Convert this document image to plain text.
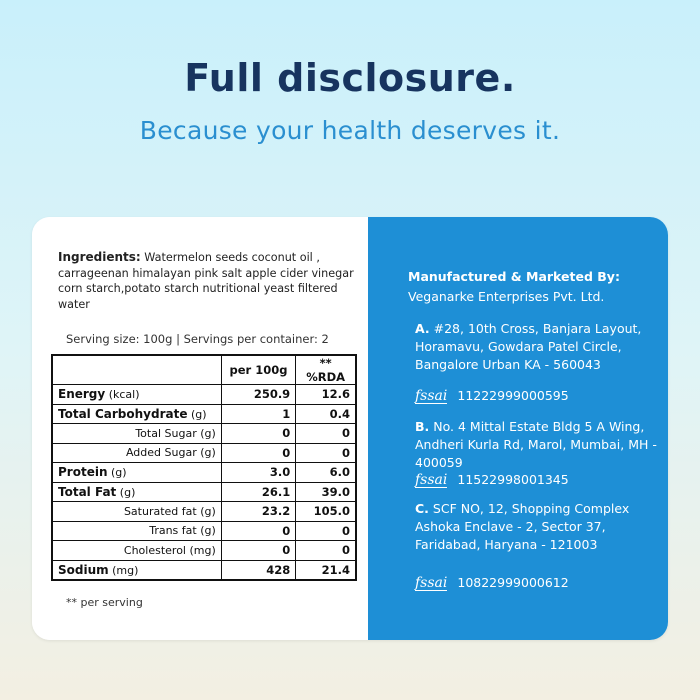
Full disclosure.
Because your health deserves it.
Ingredients: Watermelon seeds coconut oil , carrageenan himalayan pink salt apple cider vinegar corn starch,potato starch nutritional yeast filtered water
Serving size: 100g | Servings per container: 2
	per 100g	** %RDA
Energy (kcal)	250.9	12.6
Total Carbohydrate (g)	1	0.4
Total Sugar (g)	0	0
Added Sugar (g)	0	0
Protein (g)	3.0	6.0
Total Fat (g)	26.1	39.0
Saturated fat (g)	23.2	105.0
Trans fat (g)	0	0
Cholesterol (mg)	0	0
Sodium (mg)	428	21.4
** per serving
Manufactured & Marketed By:
Veganarke Enterprises Pvt. Ltd.
A. #28, 10th Cross, Banjara Layout, Horamavu, Gowdara Patel Circle, Bangalore Urban KA - 560043
fssai 11222999000595
B. No. 4 Mittal Estate Bldg 5 A Wing, Andheri Kurla Rd, Marol, Mumbai, MH - 400059
fssai 11522998001345
C. SCF NO, 12, Shopping Complex Ashoka Enclave - 2, Sector 37, Faridabad, Haryana - 121003
fssai 10822999000612
